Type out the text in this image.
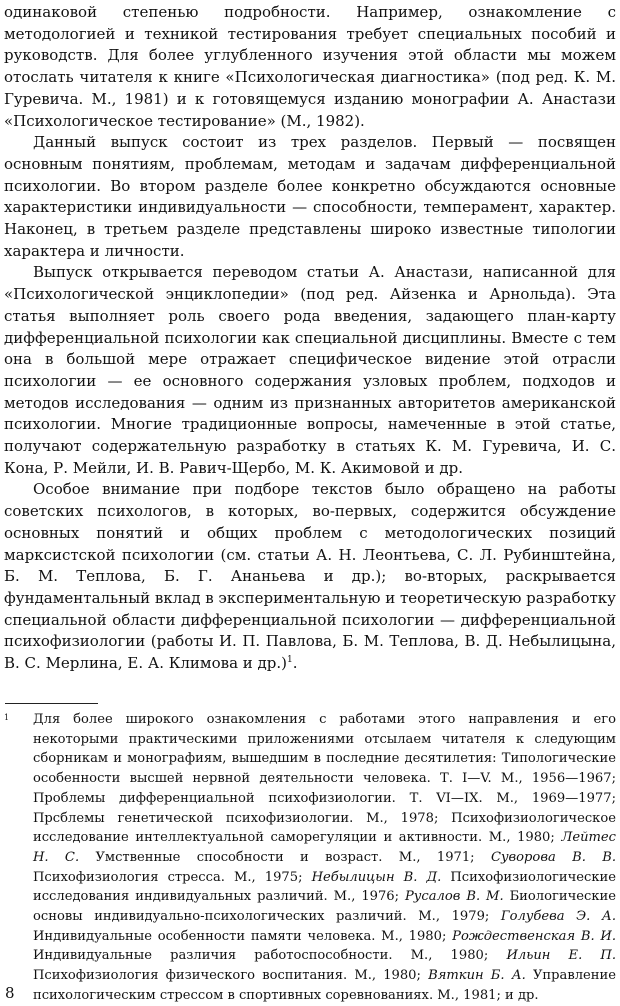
одинаковой степенью подробности. Например, ознакомление с методологией и техникой тестирования требует специальных пособий и руководств. Для более углубленного изучения этой области мы можем отослать читателя к книге «Психологическая диагностика» (под ред. К. М. Гуревича. М., 1981) и к готовящемуся изданию монографии А. Анастази «Психологическое тестирование» (М., 1982).

Данный выпуск состоит из трех разделов. Первый — посвящен основным понятиям, проблемам, методам и задачам дифференциальной психологии. Во втором разделе более конкретно обсуждаются основные характеристики индивидуальности — способности, темперамент, характер. Наконец, в третьем разделе представлены широко известные типологии характера и личности.

Выпуск открывается переводом статьи А. Анастази, написанной для «Психологической энциклопедии» (под ред. Айзенка и Арнольда). Эта статья выполняет роль своего рода введения, задающего план-карту дифференциальной психологии как специальной дисциплины. Вместе с тем она в большой мере отражает специфическое видение этой отрасли психологии — ее основного содержания узловых проблем, подходов и методов исследования — одним из признанных авторитетов американской психологии. Многие традиционные вопросы, намеченные в этой статье, получают содержательную разработку в статьях К. М. Гуревича, И. С. Кона, Р. Мейли, И. В. Равич-Щербо, М. К. Акимовой и др.

Особое внимание при подборе текстов было обращено на работы советских психологов, в которых, во-первых, содержится обсуждение основных понятий и общих проблем с методологических позиций марксистской психологии (см. статьи А. Н. Леонтьева, С. Л. Рубинштейна, Б. М. Теплова, Б. Г. Ананьева и др.); во-вторых, раскрывается фундаментальный вклад в экспериментальную и теоретическую разработку специальной области дифференциальной психологии — дифференциальной психофизиологии (работы И. П. Павлова, Б. М. Теплова, В. Д. Небылицына, В. С. Мерлина, Е. А. Климова и др.)$^1$.

1 Для более широкого ознакомления с работами этого направления и его некоторыми практическими приложениями отсылаем читателя к следующим сборникам и монографиям, вышедшим в последние десятилетия: Типологические особенности высшей нервной деятельности человека. Т. I—V. М., 1956—1967; Проблемы дифференциальной психофизиологии. Т. VI—IX. М., 1969—1977; Прсблемы генетической психофизиологии. М., 1978; Психофизиологическое исследование интеллектуальной саморегуляции и активности. М., 1980; Лейтес Н. С. Умственные способности и возраст. М., 1971; Суворова В. В. Психофизиология стресса. М., 1975; Небылицын В. Д. Психофизиологические исследования индивидуальных различий. М., 1976; Русалов В. М. Биологические основы индивидуально-психологических различий. М., 1979; Голубева Э. А. Индивидуальные особенности памяти человека. М., 1980; Рождественская В. И. Индивидуальные различия работоспособности. М., 1980; Ильин Е. П. Психофизиология физического воспитания. М., 1980; Вяткин Б. А. Управление психологическим стрессом в спортивных соревнованиях. М., 1981; и др.

8
